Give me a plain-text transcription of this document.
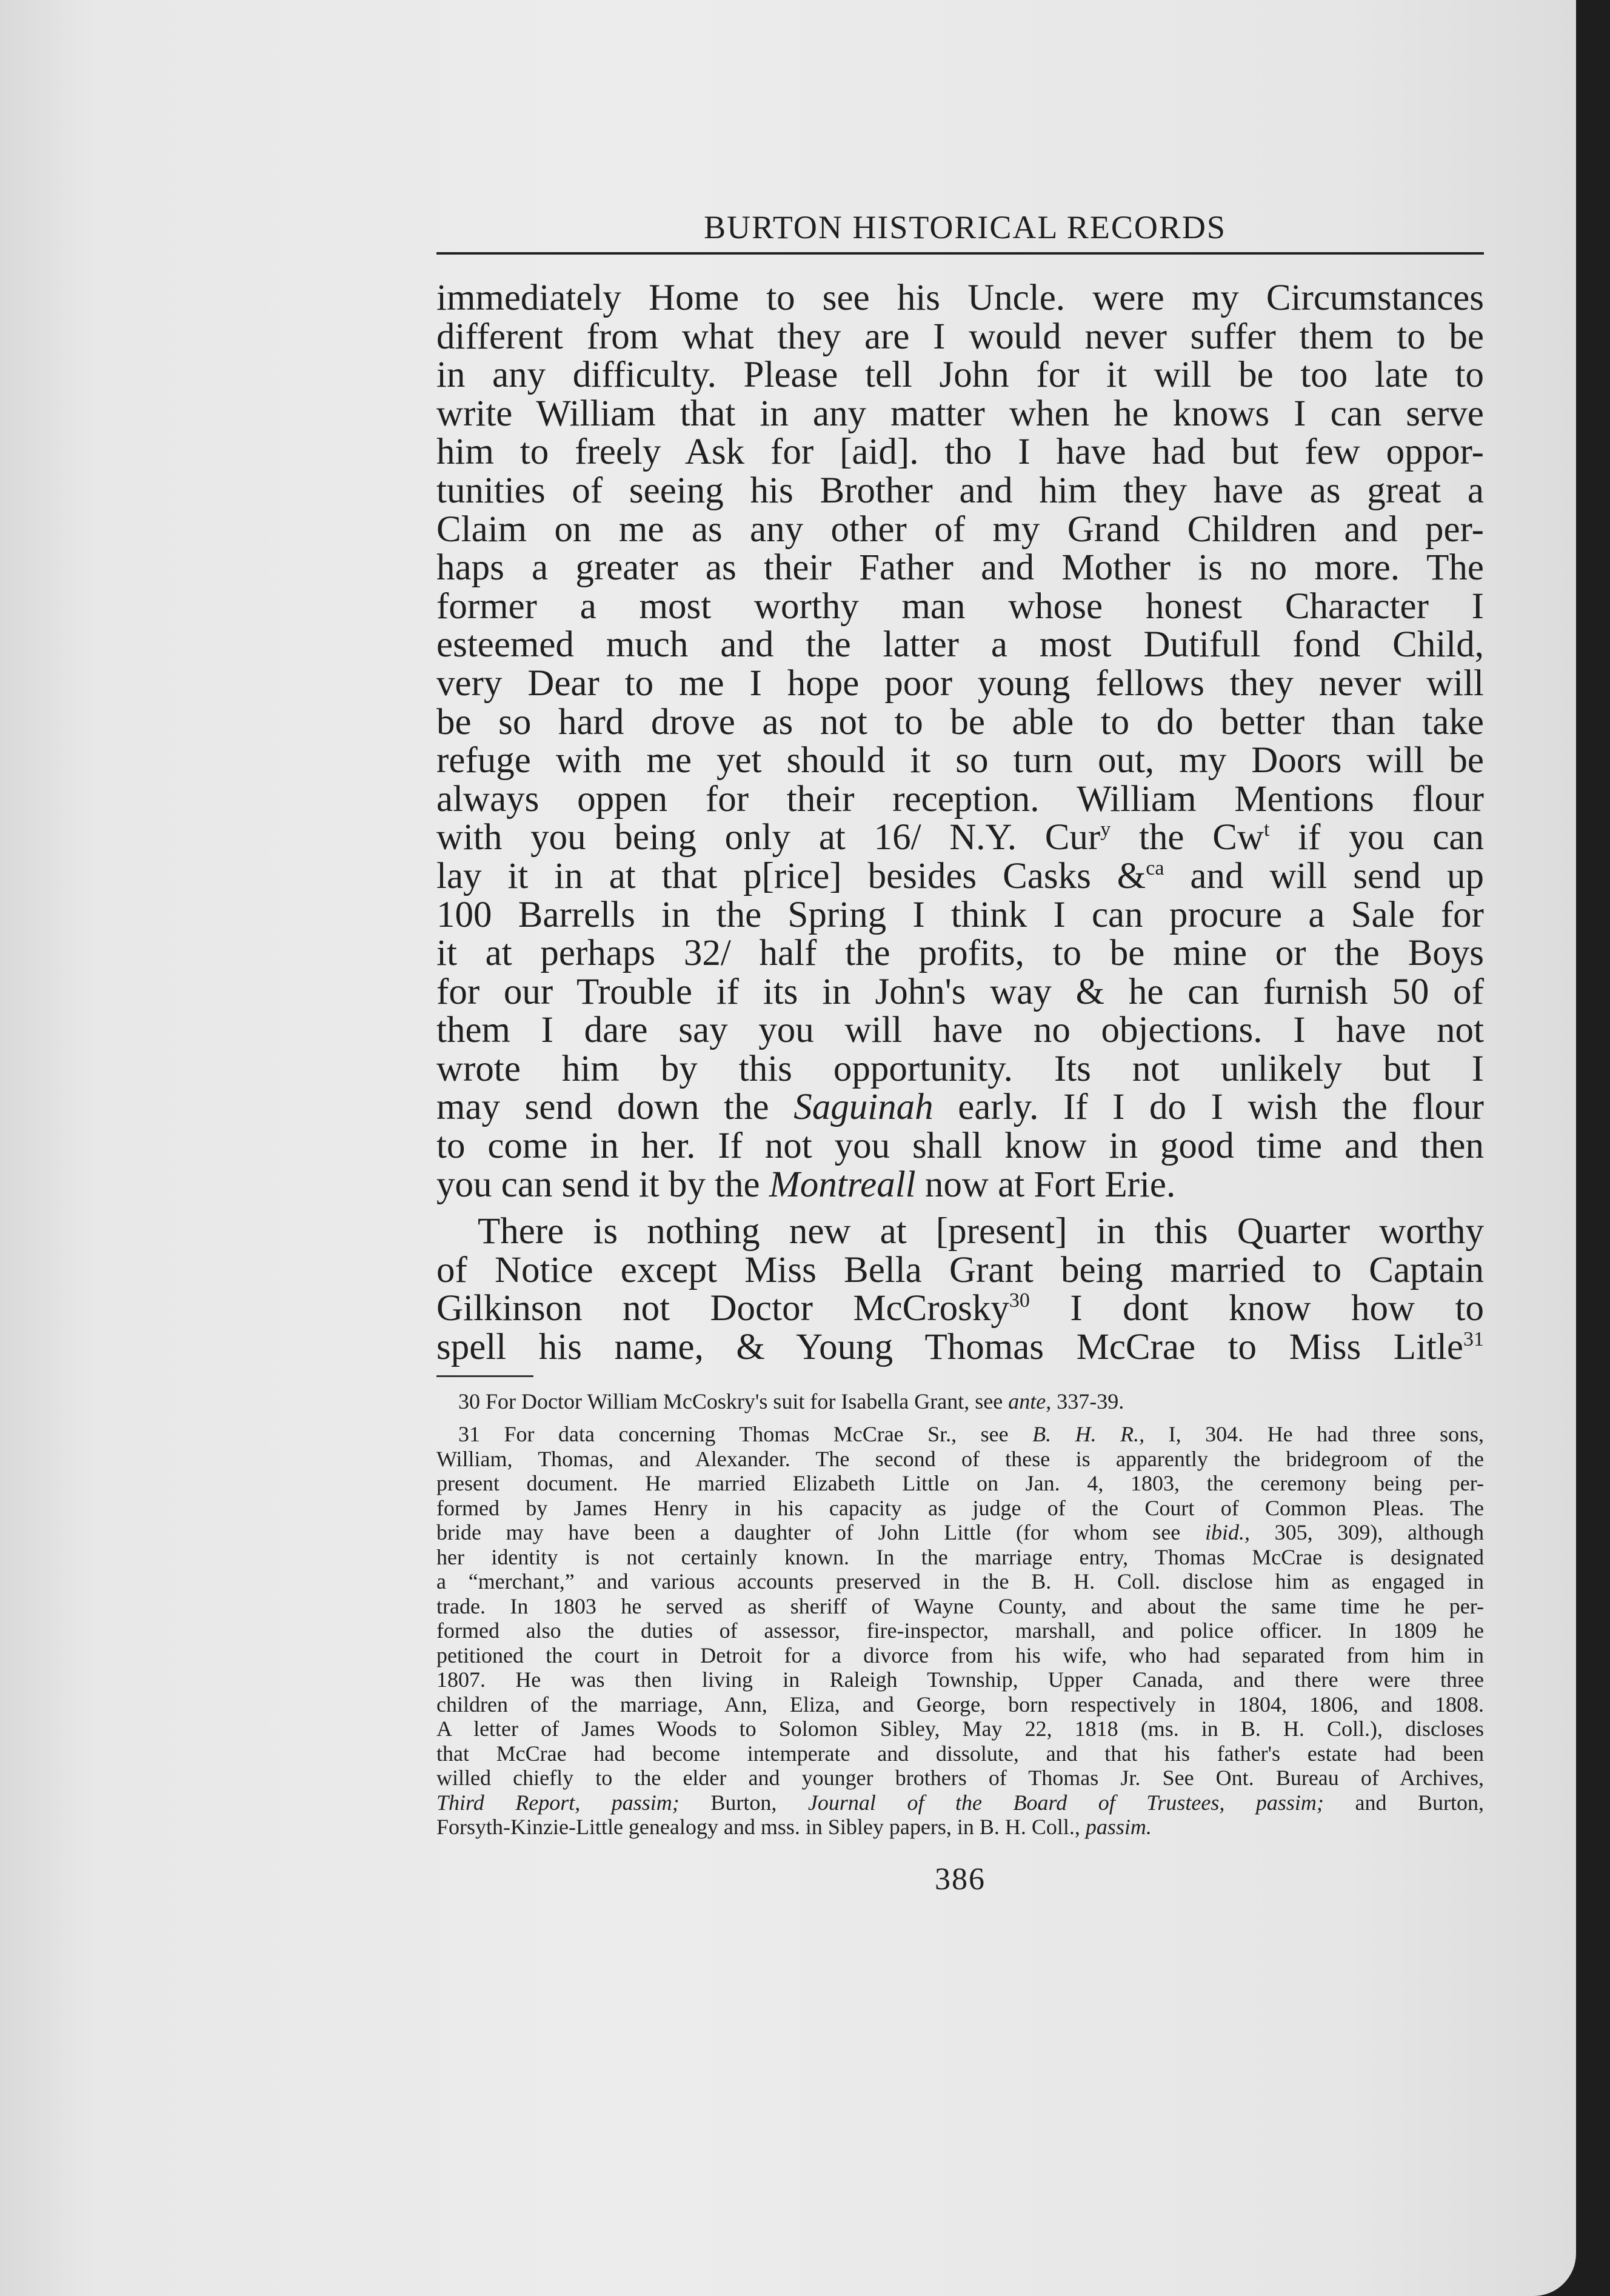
BURTON HISTORICAL RECORDS
immediately Home to see his Uncle. were my Circumstances
different from what they are I would never suffer them to be
in any difficulty. Please tell John for it will be too late to
write William that in any matter when he knows I can serve
him to freely Ask for [aid]. tho I have had but few oppor-
tunities of seeing his Brother and him they have as great a
Claim on me as any other of my Grand Children and per-
haps a greater as their Father and Mother is no more. The
former a most worthy man whose honest Character I
esteemed much and the latter a most Dutifull fond Child,
very Dear to me I hope poor young fellows they never will
be so hard drove as not to be able to do better than take
refuge with me yet should it so turn out, my Doors will be
always oppen for their reception. William Mentions flour
with you being only at 16/ N.Y. Cur$^y$ the Cw$^t$ if you can
lay it in at that p[rice] besides Casks &$^{ca}$ and will send up
100 Barrells in the Spring I think I can procure a Sale for
it at perhaps 32/ half the profits, to be mine or the Boys
for our Trouble if its in John's way & he can furnish 50 of
them I dare say you will have no objections. I have not
wrote him by this opportunity. Its not unlikely but I
may send down the Saguinah early. If I do I wish the flour
to come in her. If not you shall know in good time and then
you can send it by the Montreall now at Fort Erie.
There is nothing new at [present] in this Quarter worthy
of Notice except Miss Bella Grant being married to Captain
Gilkinson not Doctor McCrosky$^{30}$ I dont know how to
spell his name, & Young Thomas McCrae to Miss Litle$^{31}$
30 For Doctor William McCoskry's suit for Isabella Grant, see ante, 337-39.
31 For data concerning Thomas McCrae Sr., see B. H. R., I, 304. He had three sons,
William, Thomas, and Alexander. The second of these is apparently the bridegroom of the
present document. He married Elizabeth Little on Jan. 4, 1803, the ceremony being per-
formed by James Henry in his capacity as judge of the Court of Common Pleas. The
bride may have been a daughter of John Little (for whom see ibid., 305, 309), although
her identity is not certainly known. In the marriage entry, Thomas McCrae is designated
a “merchant,” and various accounts preserved in the B. H. Coll. disclose him as engaged in
trade. In 1803 he served as sheriff of Wayne County, and about the same time he per-
formed also the duties of assessor, fire-inspector, marshall, and police officer. In 1809 he
petitioned the court in Detroit for a divorce from his wife, who had separated from him in
1807. He was then living in Raleigh Township, Upper Canada, and there were three
children of the marriage, Ann, Eliza, and George, born respectively in 1804, 1806, and 1808.
A letter of James Woods to Solomon Sibley, May 22, 1818 (ms. in B. H. Coll.), discloses
that McCrae had become intemperate and dissolute, and that his father's estate had been
willed chiefly to the elder and younger brothers of Thomas Jr. See Ont. Bureau of Archives,
Third Report, passim; Burton, Journal of the Board of Trustees, passim; and Burton,
Forsyth-Kinzie-Little genealogy and mss. in Sibley papers, in B. H. Coll., passim.
386
